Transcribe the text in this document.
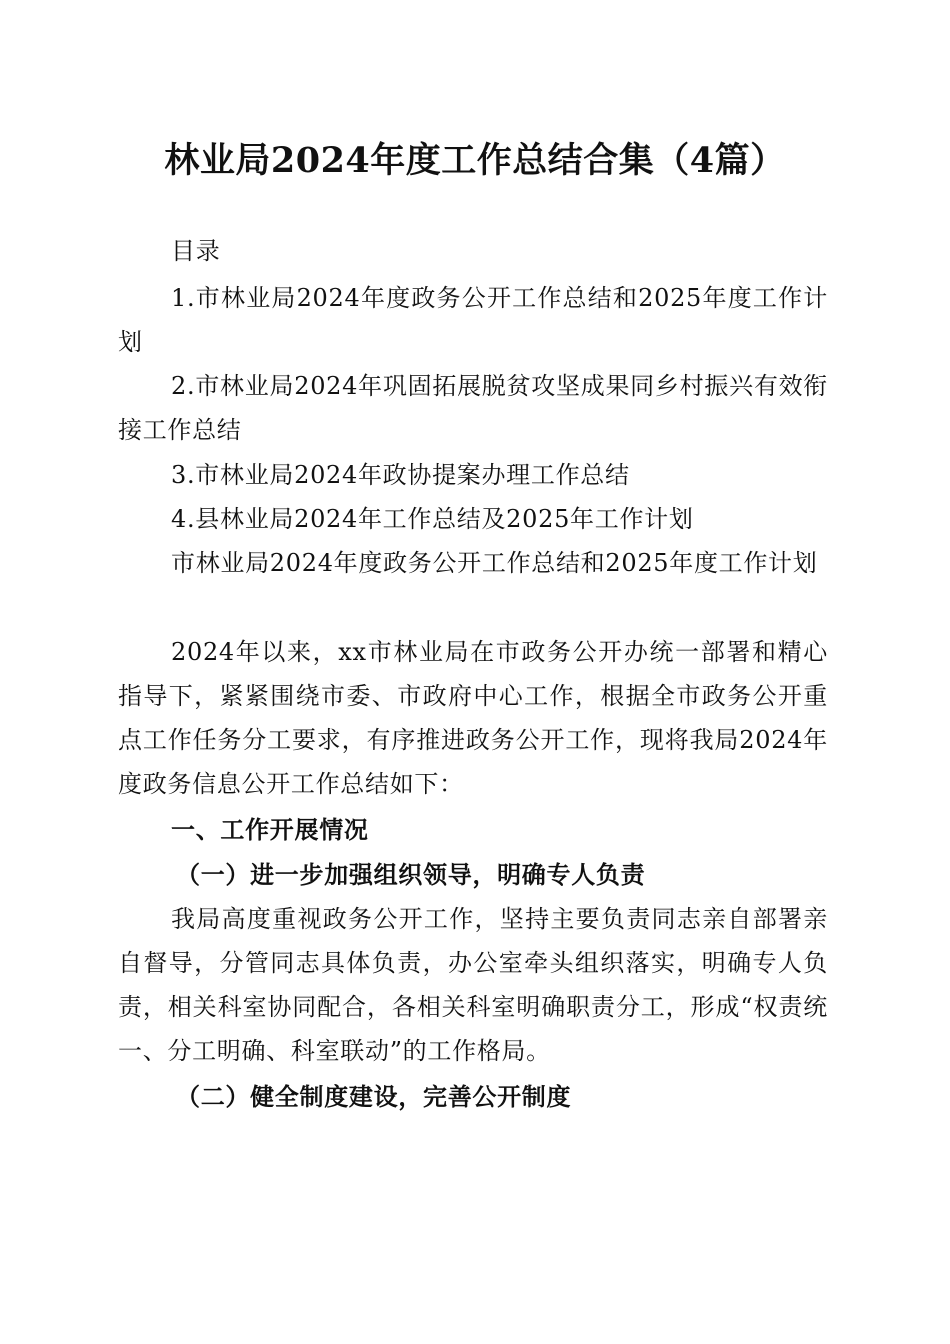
林业局2024年度工作总结合集（4篇）

目录

1.市林业局2024年度政务公开工作总结和2025年度工作计划

2.市林业局2024年巩固拓展脱贫攻坚成果同乡村振兴有效衔接工作总结

3.市林业局2024年政协提案办理工作总结

4.县林业局2024年工作总结及2025年工作计划

市林业局2024年度政务公开工作总结和2025年度工作计划

2024年以来，xx市林业局在市政务公开办统一部署和精心指导下，紧紧围绕市委、市政府中心工作，根据全市政务公开重点工作任务分工要求，有序推进政务公开工作，现将我局2024年度政务信息公开工作总结如下：

一、工作开展情况

（一）进一步加强组织领导，明确专人负责

我局高度重视政务公开工作，坚持主要负责同志亲自部署亲自督导，分管同志具体负责，办公室牵头组织落实，明确专人负责，相关科室协同配合，各相关科室明确职责分工，形成“权责统一、分工明确、科室联动”的工作格局。

（二）健全制度建设，完善公开制度
